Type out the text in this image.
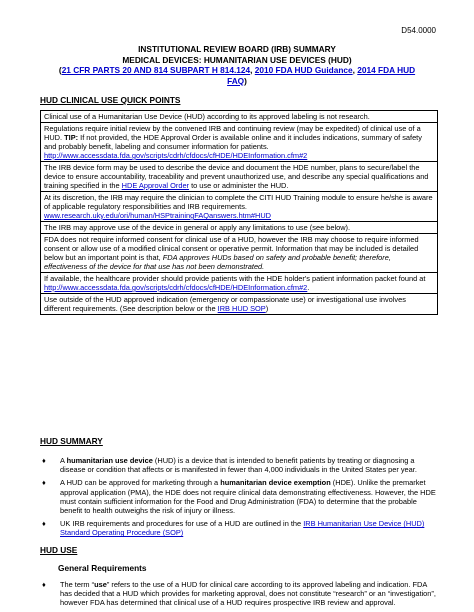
D54.0000
INSTITUTIONAL REVIEW BOARD (IRB) SUMMARY
MEDICAL DEVICES: HUMANITARIAN USE DEVICES (HUD)
(21 CFR PARTS 20 AND 814 SUBPART H 814.124, 2010 FDA HUD Guidance, 2014 FDA HUD
FAQ)
HUD CLINICAL USE QUICK POINTS
Clinical use of a Humanitarian Use Device (HUD) according to its approved labeling is not research.
Regulations require initial review by the convened IRB and continuing review (may be expedited) of clinical use of a HUD. TIP: If not provided, the HDE Approval Order is available online and it includes indications, summary of safety and probably benefit, labeling and consumer information for patients.
http://www.accessdata.fda.gov/scripts/cdrh/cfdocs/cfHDE/HDEInformation.cfm#2
The IRB device form may be used to describe the device and document the HDE number, plans to secure/label the device to ensure accountability, traceability and prevent unauthorized use, and describe any special qualifications and training specified in the HDE Approval Order to use or administer the HUD.
At its discretion, the IRB may require the clinician to complete the CITI HUD Training module to ensure he/she is aware of applicable regulatory responsibilities and IRB requirements.
www.research.uky.edu/ori/human/HSPtrainingFAQanswers.htm#HUD
The IRB may approve use of the device in general or apply any limitations to use (see below).
FDA does not require informed consent for clinical use of a HUD, however the IRB may choose to require informed consent or allow use of a modified clinical consent or operative permit. Information that may be included is detailed below but an important point is that, FDA approves HUDs based on safety and probable benefit; therefore, effectiveness of the device for that use has not been demonstrated.
If available, the healthcare provider should provide patients with the HDE holder's patient information packet found at http://www.accessdata.fda.gov/scripts/cdrh/cfdocs/cfHDE/HDEInformation.cfm#2.
Use outside of the HUD approved indication (emergency or compassionate use) or investigational use involves different requirements. (See description below or the IRB HUD SOP)
HUD SUMMARY
♦	A humanitarian use device (HUD) is a device that is intended to benefit patients by treating or diagnosing a disease or condition that affects or is manifested in fewer than 4,000 individuals in the United States per year.
♦	A HUD can be approved for marketing through a humanitarian device exemption (HDE). Unlike the premarket approval application (PMA), the HDE does not require clinical data demonstrating effectiveness. However, the HDE must contain sufficient information for the Food and Drug Administration (FDA) to determine that the probable benefit to health outweighs the risk of injury or illness.
♦	UK IRB requirements and procedures for use of a HUD are outlined in the IRB Humanitarian Use Device (HUD) Standard Operating Procedure (SOP)
HUD USE
General Requirements
♦	The term “use” refers to the use of a HUD for clinical care according to its approved labeling and indication. FDA has decided that a HUD which provides for marketing approval, does not constitute “research” or an “investigation”, however FDA has determined that clinical use of a HUD requires prospective IRB review and approval.
